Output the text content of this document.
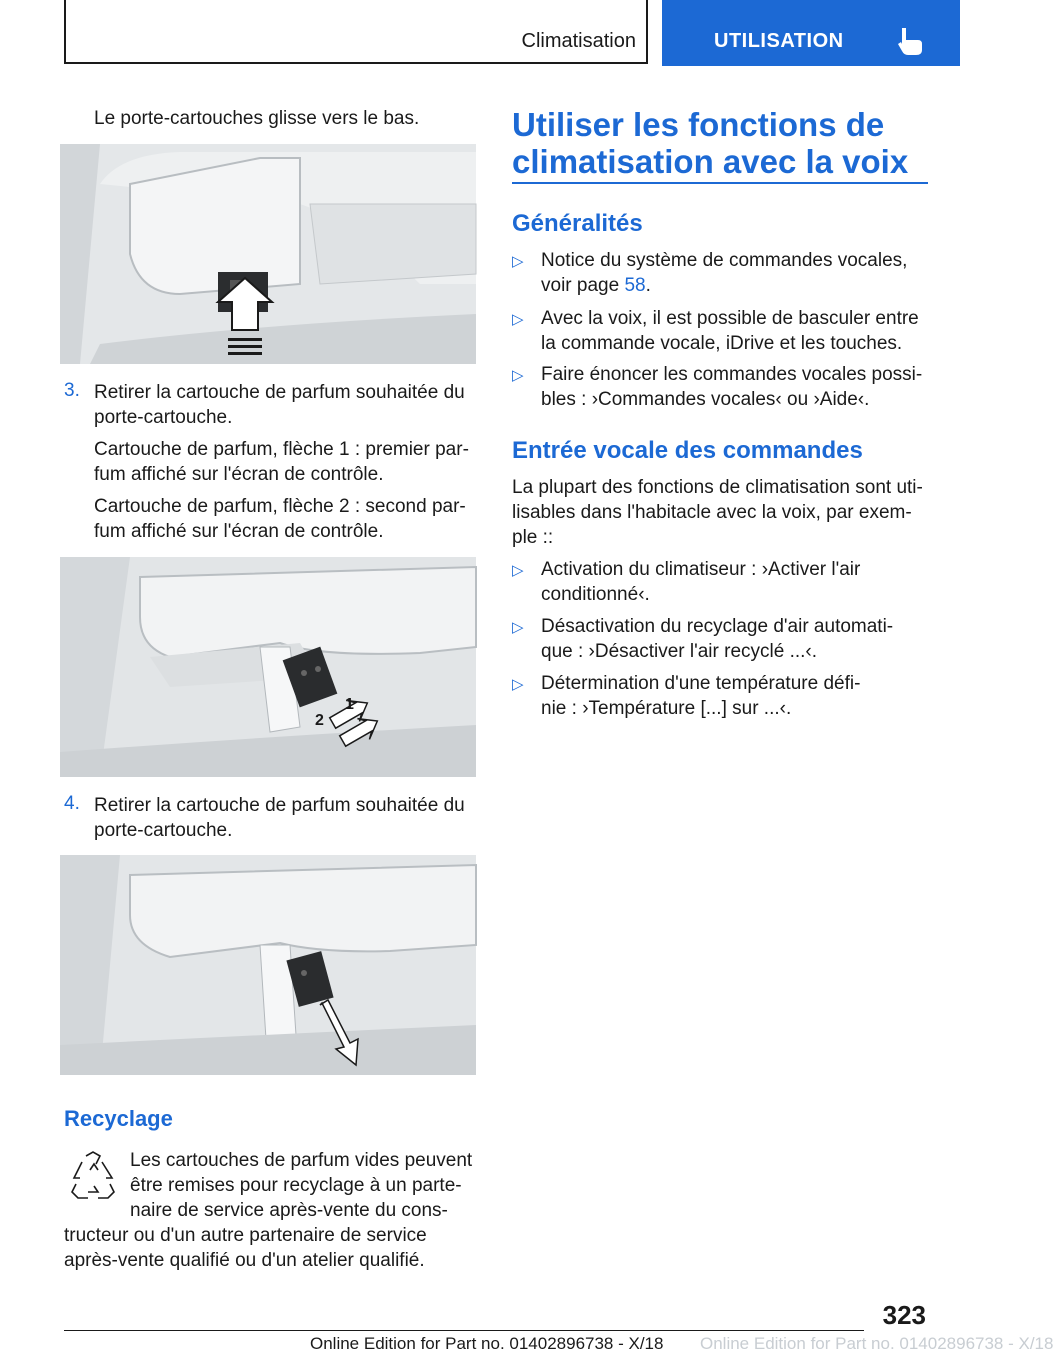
Climatisation	UTILISATION
Le porte-cartouches glisse vers le bas.
3. Retirer la cartouche de parfum souhaitée du porte-cartouche.
Cartouche de parfum, flèche 1 : premier par-fum affiché sur l'écran de contrôle.
Cartouche de parfum, flèche 2 : second par-fum affiché sur l'écran de contrôle.
2
1
4. Retirer la cartouche de parfum souhaitée du porte-cartouche.
Recyclage
Les cartouches de parfum vides peuvent
être remises pour recyclage à un parte-
naire de service après-vente du cons-
tructeur ou d'un autre partenaire de service
après-vente qualifié ou d'un atelier qualifié.
Utiliser les fonctions de
climatisation avec la voix
Généralités
▷ Notice du système de commandes vocales,
voir page 58.
▷ Avec la voix, il est possible de basculer entre
la commande vocale, iDrive et les touches.
▷ Faire énoncer les commandes vocales possi-
bles : ›Commandes vocales‹ ou ›Aide‹.
Entrée vocale des commandes
La plupart des fonctions de climatisation sont uti-
lisables dans l'habitacle avec la voix, par exem-
ple ::
▷ Activation du climatiseur : ›Activer l'air
conditionné‹.
▷ Désactivation du recyclage d'air automati-
que : ›Désactiver l'air recyclé ...‹.
▷ Détermination d'une température défi-
nie : ›Température [...] sur ...‹.
323
Online Edition for Part no. 01402896738 - X/18 Online Edition for Part no. 01402896738 - X/18
